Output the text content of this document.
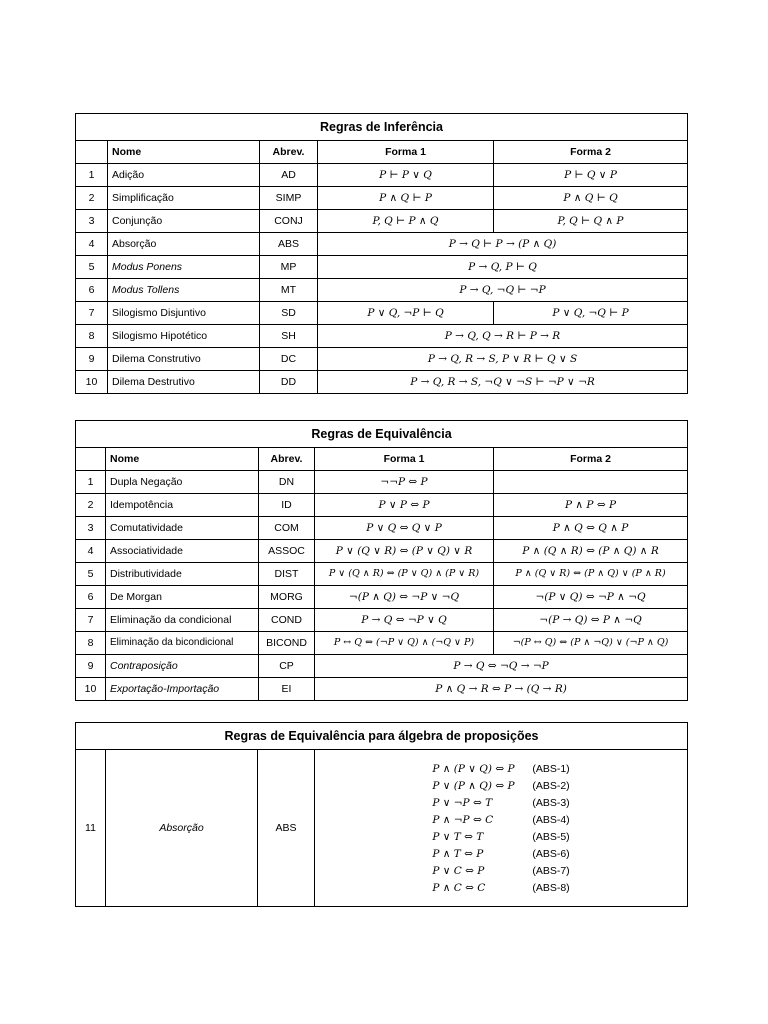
Regras de Inferência				
	Nome	Abrev.	Forma 1	Forma 2
1	Adição	AD	P ⊢ P ∨ Q	P ⊢ Q ∨ P
2	Simplificação	SIMP	P ∧ Q ⊢ P	P ∧ Q ⊢ Q
3	Conjunção	CONJ	P, Q ⊢ P ∧ Q	P, Q ⊢ Q ∧ P
4	Absorção	ABS	P → Q ⊢ P → (P ∧ Q)	
5	Modus Ponens	MP	P → Q, P ⊢ Q	
6	Modus Tollens	MT	P → Q, ¬Q ⊢ ¬P	
7	Silogismo Disjuntivo	SD	P ∨ Q, ¬P ⊢ Q	P ∨ Q, ¬Q ⊢ P
8	Silogismo Hipotético	SH	P → Q, Q → R ⊢ P → R	
9	Dilema Construtivo	DC	P → Q, R → S, P ∨ R ⊢ Q ∨ S	
10	Dilema Destrutivo	DD	P → Q, R → S, ¬Q ∨ ¬S ⊢ ¬P ∨ ¬R	
Regras de Equivalência				
	Nome	Abrev.	Forma 1	Forma 2
1	Dupla Negação	DN	¬¬P ⇔ P	
2	Idempotência	ID	P ∨ P ⇔ P	P ∧ P ⇔ P
3	Comutatividade	COM	P ∨ Q ⇔ Q ∨ P	P ∧ Q ⇔ Q ∧ P
4	Associatividade	ASSOC	P ∨ (Q ∨ R) ⇔ (P ∨ Q) ∨ R	P ∧ (Q ∧ R) ⇔ (P ∧ Q) ∧ R
5	Distributividade	DIST	P ∨ (Q ∧ R) ⇔ (P ∨ Q) ∧ (P ∨ R)	P ∧ (Q ∨ R) ⇔ (P ∧ Q) ∨ (P ∧ R)
6	De Morgan	MORG	¬(P ∧ Q) ⇔ ¬P ∨ ¬Q	¬(P ∨ Q) ⇔ ¬P ∧ ¬Q
7	Eliminação da condicional	COND	P → Q ⇔ ¬P ∨ Q	¬(P → Q) ⇔ P ∧ ¬Q
8	Eliminação da bicondicional	BICOND	P ↔ Q ⇔ (¬P ∨ Q) ∧ (¬Q ∨ P)	¬(P ↔ Q) ⇔ (P ∧ ¬Q) ∨ (¬P ∧ Q)
9	Contraposição	CP	P → Q ⇔ ¬Q → ¬P	
10	Exportação-Importação	EI	P ∧ Q → R ⇔ P → (Q → R)	
Regras de Equivalência para álgebra de proposições
11	Absorção	ABS	
P ∧ (P ∨ Q) ⇔ P	(ABS-1)
P ∨ (P ∧ Q) ⇔ P	(ABS-2)
P ∨ ¬P ⇔ T	(ABS-3)
P ∧ ¬P ⇔ C	(ABS-4)
P ∨ T ⇔ T	(ABS-5)
P ∧ T ⇔ P	(ABS-6)
P ∨ C ⇔ P	(ABS-7)
P ∧ C ⇔ C	(ABS-8)
